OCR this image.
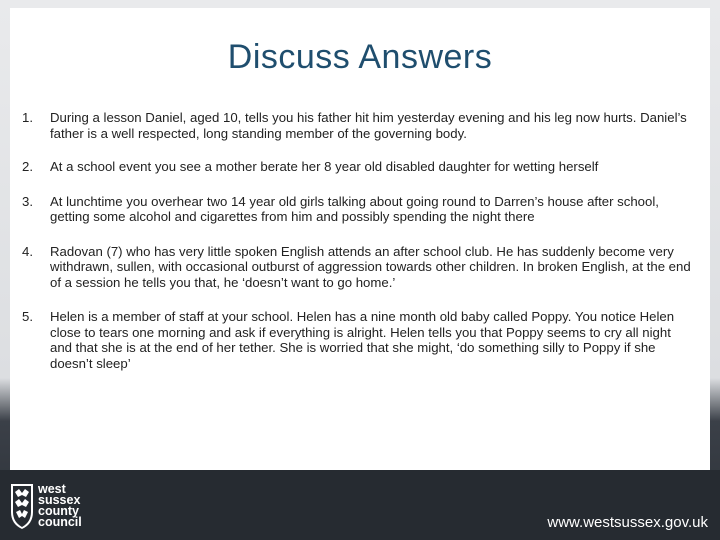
Discuss Answers
1.	During a lesson Daniel, aged 10, tells you his father hit him yesterday evening and his leg now hurts. Daniel’s father is a well respected, long standing member of the governing body.
2.	At a school event you see a mother berate her 8 year old disabled daughter for wetting herself
3.	At lunchtime you overhear two 14 year old girls talking about going round to Darren’s house after school, getting some alcohol and cigarettes from him and possibly spending the night there
4.	Radovan (7) who has very little spoken English attends an after school club. He has suddenly become very withdrawn, sullen, with occasional outburst of aggression towards other children. In broken English, at the end of a session he tells you that, he ‘doesn’t want to go home.’
5.	Helen is a member of staff at your school. Helen has a nine month old baby called Poppy. You notice Helen close to tears one morning and ask if everything is alright. Helen tells you that Poppy seems to cry all night and that she is at the end of her tether. She is worried that she might, ‘do something silly to Poppy if she doesn’t sleep’
west
sussex
county
council	www.westsussex.gov.uk
